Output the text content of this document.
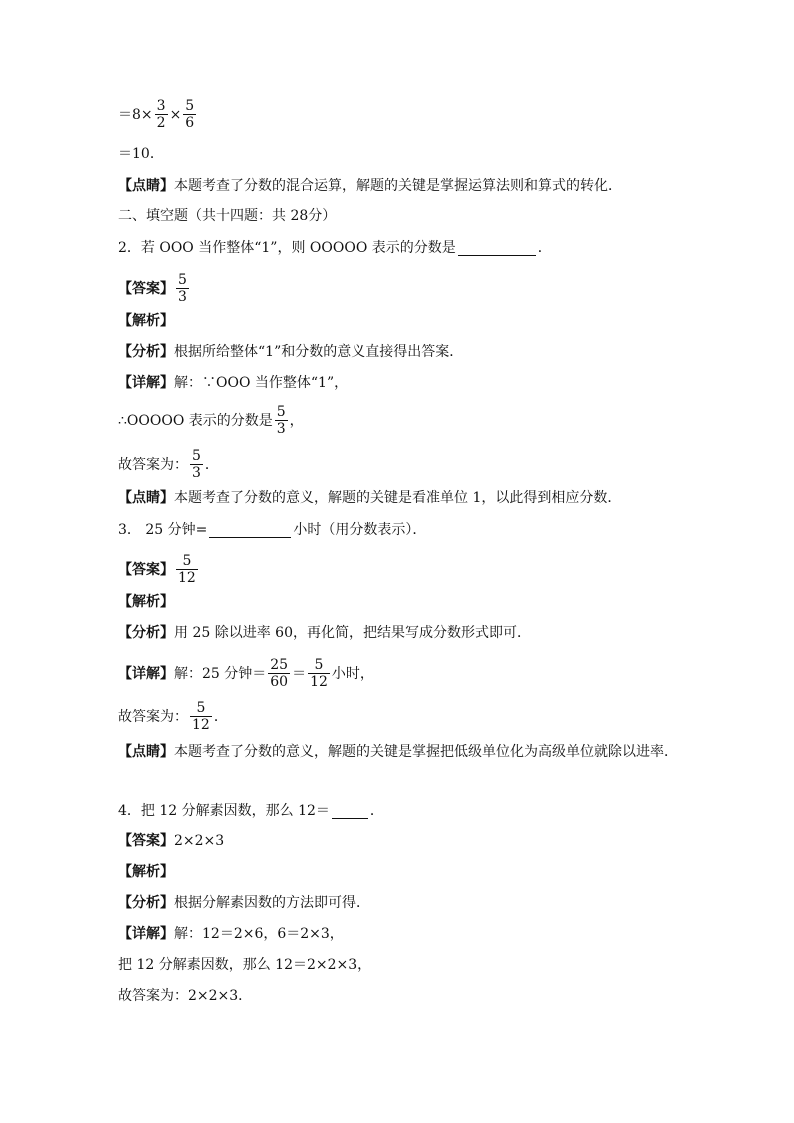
$=8\times \frac{3}{2} \times \frac{5}{6}$
＝10．
【点睛】 本题考查了分数的混合运算，解题的关键是掌握运算法则和算式的转化．
二、填空题（共十四题：共 28分）
2．若 OOO 当作整体“1”，则 OOOOO 表示的分数是	．
【答案】 $\frac{5}{3}$
【解析】
【分析】 根据所给整体“1”和分数的意义直接得出答案．
【详解】 解：∵OOO 当作整体“1”，
∴OOOOO 表示的分数是 $\frac{5}{3}$ ，
故答案为： $\frac{5}{3}$ ．
【点睛】 本题考查了分数的意义，解题的关键是看准单位 1，以此得到相应分数．
3． 25 分钟=	小时（用分数表示）．
【答案】 $\frac{5}{12}$
【解析】
【分析】 用 25 除以进率 60，再化简，把结果写成分数形式即可．
【详解】 解：25 分钟＝ $\frac{25}{60} = \frac{5}{12}$ 小时，
故答案为： $\frac{5}{12}$ ．
【点睛】本题考查了分数的意义，解题的关键是掌握把低级单位化为高级单位就除以进率．
4．把 12 分解素因数，那么 12＝	．
【答案】 2×2×3
【解析】
【分析】 根据分解素因数的方法即可得．
【详解】 解：12＝2×6，6＝2×3，
把 12 分解素因数，那么 12＝2×2×3，
故答案为：2×2×3．
